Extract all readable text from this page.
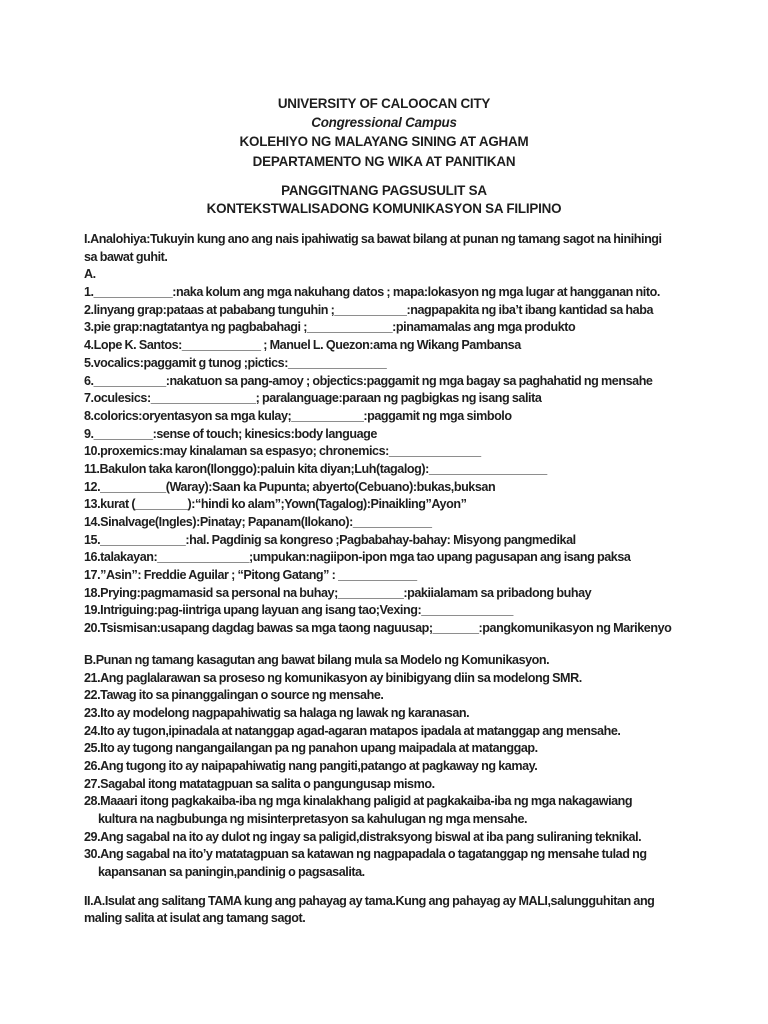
UNIVERSITY OF CALOOCAN CITY
Congressional Campus
KOLEHIYO NG MALAYANG SINING AT AGHAM
DEPARTAMENTO NG WIKA AT PANITIKAN
PANGGITNANG PAGSUSULIT SA
KONTEKSTWALISADONG KOMUNIKASYON SA FILIPINO
I.Analohiya:Tukuyin kung ano ang nais ipahiwatig sa bawat bilang at punan ng tamang sagot na hinihingi
sa bawat guhit.
A.
1.____________:naka kolum ang mga nakuhang datos ; mapa:lokasyon ng mga lugar at hangganan nito.
2.linyang grap:pataas at pababang tunguhin ;___________:nagpapakita ng iba’t ibang kantidad sa haba
3.pie grap:nagtatantya ng pagbabahagi ;_____________:pinamamalas ang mga produkto
4.Lope K. Santos:____________ ; Manuel L. Quezon:ama ng Wikang Pambansa
5.vocalics:paggamit g tunog ;pictics:_______________
6.___________:nakatuon sa pang-amoy ; objectics:paggamit ng mga bagay sa paghahatid ng mensahe
7.oculesics:________________; paralanguage:paraan ng pagbigkas ng isang salita
8.colorics:oryentasyon sa mga kulay;___________:paggamit ng mga simbolo
9._________:sense of touch; kinesics:body language
10.proxemics:may kinalaman sa espasyo; chronemics:______________
11.Bakulon taka karon(Ilonggo):paluin kita diyan;Luh(tagalog):__________________
12.__________(Waray):Saan ka Pupunta; abyerto(Cebuano):bukas,buksan
13.kurat (________):“hindi ko alam”;Yown(Tagalog):Pinaikling”Ayon”
14.Sinalvage(Ingles):Pinatay; Papanam(Ilokano):____________
15._____________:hal. Pagdinig sa kongreso ;Pagbabahay-bahay: Misyong pangmedikal
16.talakayan:______________;umpukan:nagiipon-ipon mga tao upang pagusapan ang isang paksa
17.”Asin”: Freddie Aguilar ; “Pitong Gatang” : ____________
18.Prying:pagmamasid sa personal na buhay;__________:pakiialamam sa pribadong buhay
19.Intriguing:pag-iintriga upang layuan ang isang tao;Vexing:______________
20.Tsismisan:usapang dagdag bawas sa mga taong naguusap;_______:pangkomunikasyon ng Marikenyo
B.Punan ng tamang kasagutan ang bawat bilang mula sa Modelo ng Komunikasyon.
21.Ang paglalarawan sa proseso ng komunikasyon ay binibigyang diin sa modelong SMR.
22.Tawag ito sa pinanggalingan o source ng mensahe.
23.Ito ay modelong nagpapahiwatig sa halaga ng lawak ng karanasan.
24.Ito ay tugon,ipinadala at natanggap agad-agaran matapos ipadala at matanggap ang mensahe.
25.Ito ay tugong nangangailangan pa ng panahon upang maipadala at matanggap.
26.Ang tugong ito ay naipapahiwatig nang pangiti,patango at pagkaway ng kamay.
27.Sagabal itong matatagpuan sa salita o pangungusap mismo.
28.Maaari itong pagkakaiba-iba ng mga kinalakhang paligid at pagkakaiba-iba ng mga nakagawiang
kultura na nagbubunga ng misinterpretasyon sa kahulugan ng mga mensahe.
29.Ang sagabal na ito ay dulot ng ingay sa paligid,distraksyong biswal at iba pang suliraning teknikal.
30.Ang sagabal na ito’y matatagpuan sa katawan ng nagpapadala o tagatanggap ng mensahe tulad ng
kapansanan sa paningin,pandinig o pagsasalita.
II.A.Isulat ang salitang TAMA kung ang pahayag ay tama.Kung ang pahayag ay MALI,salungguhitan ang
maling salita at isulat ang tamang sagot.
